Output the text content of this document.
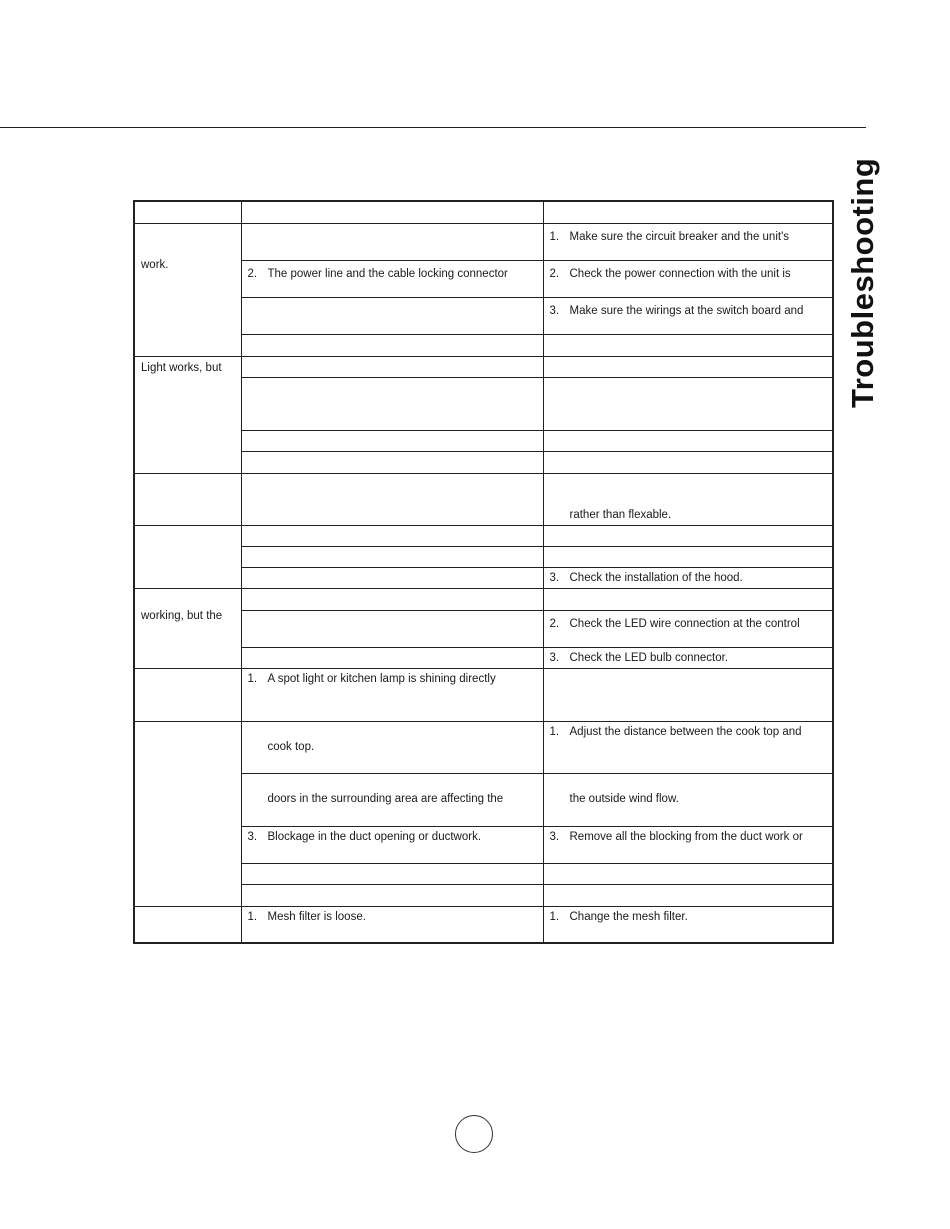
Troubleshooting

work.		1. Make sure the circuit breaker and the unit's

	2. The power line and the cable locking connector	2. Check the power connection with the unit is

		3. Make sure the wirings at the switch board and

Light works, but		

		rather than flexable.

		3. Check the installation of the hood.

working, but the		

		2. Check the LED wire connection at the control

		3. Check the LED bulb connector.

	1. A spot light or kitchen lamp is shining directly	

	cook top.	1. Adjust the distance between the cook top and

	doors in the surrounding area are affecting the	the outside wind flow.

	3. Blockage in the duct opening or ductwork.	3. Remove all the blocking from the duct work or

	1. Mesh filter is loose.	1. Change the mesh filter.
